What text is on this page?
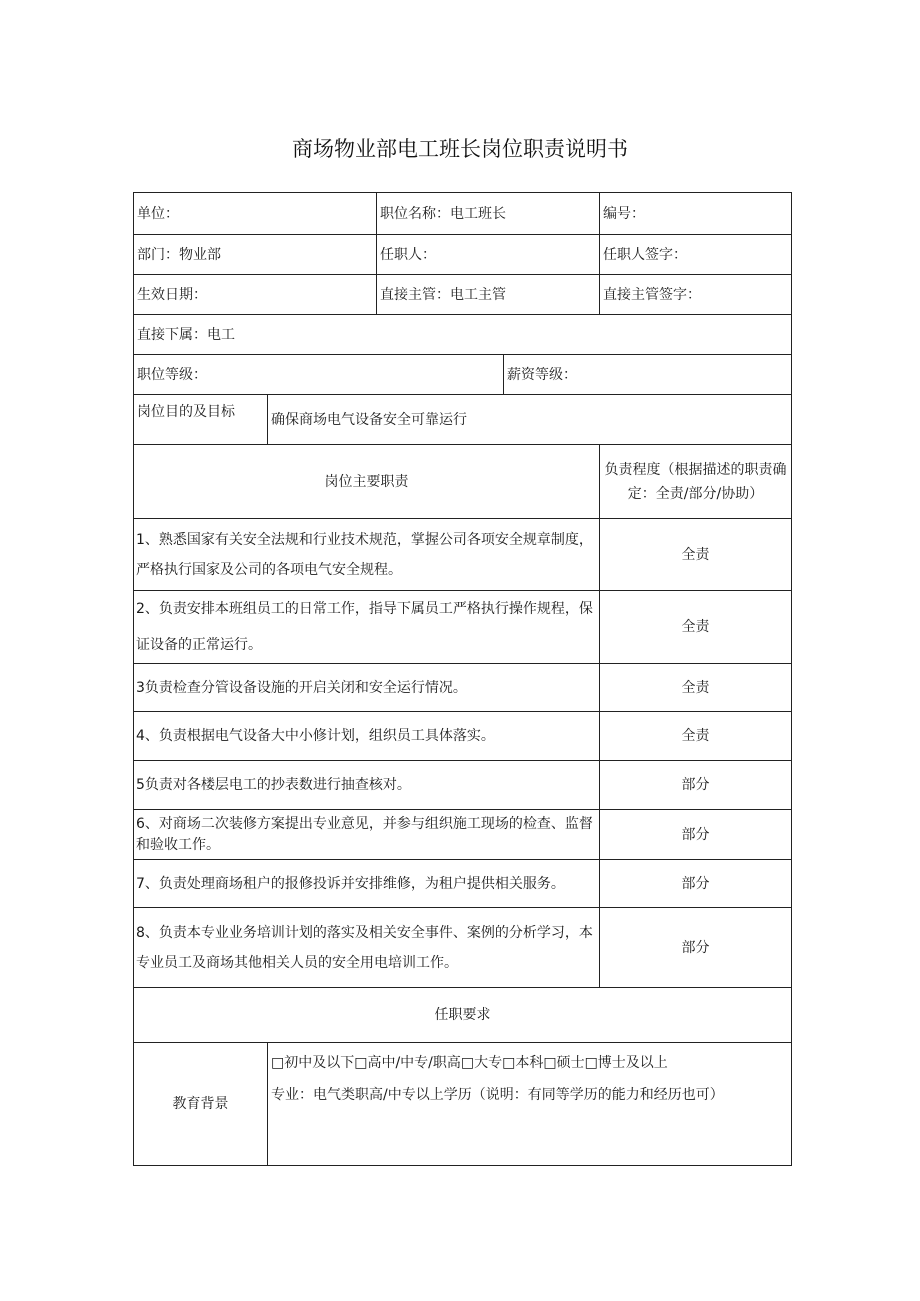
商场物业部电工班长岗位职责说明书
单位：		职位名称：电工班长		编号：
部门：物业部		任职人：		任职人签字：
生效日期：		直接主管：电工主管		直接主管签字：
直接下属：电工				
职位等级：			薪资等级：	
岗位目的及目标	确保商场电气设备安全可靠运行			
岗位主要职责				负责程度（根据描述的职责确定：全责/部分/协助）
1、熟悉国家有关安全法规和行业技术规范，掌握公司各项安全规章制度，严格执行国家及公司的各项电气安全规程。				全责
2、负责安排本班组员工的日常工作，指导下属员工严格执行操作规程，保证设备的正常运行。				全责
3负责检查分管设备设施的开启关闭和安全运行情况。				全责
4、负责根据电气设备大中小修计划，组织员工具体落实。				全责
5负责对各楼层电工的抄表数进行抽查核对。				部分
6、对商场二次装修方案提出专业意见，并参与组织施工现场的检查、监督和验收工作。				部分
7、负责处理商场租户的报修投诉并安排维修，为租户提供相关服务。				部分
8、负责本专业业务培训计划的落实及相关安全事件、案例的分析学习，本专业员工及商场其他相关人员的安全用电培训工作。				部分
任职要求				
教育背景	□初中及以下□高中/中专/职高□大专□本科□硕士□博士及以上
专业：电气类职高/中专以上学历（说明：有同等学历的能力和经历也可）			
